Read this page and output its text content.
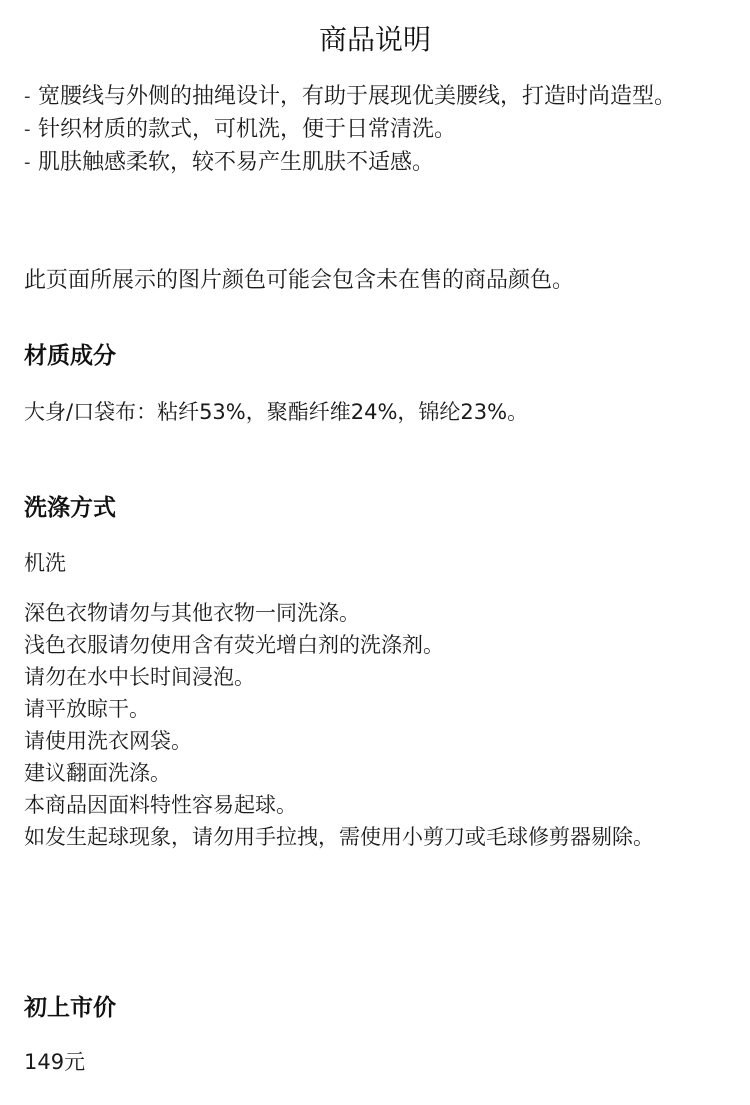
商品说明
- 宽腰线与外侧的抽绳设计，有助于展现优美腰线，打造时尚造型。
- 针织材质的款式，可机洗，便于日常清洗。
- 肌肤触感柔软，较不易产生肌肤不适感。
此页面所展示的图片颜色可能会包含未在售的商品颜色。
材质成分
大身/口袋布：粘纤53%，聚酯纤维24%，锦纶23%。
洗涤方式
机洗
深色衣物请勿与其他衣物一同洗涤。
浅色衣服请勿使用含有荧光增白剂的洗涤剂。
请勿在水中长时间浸泡。
请平放晾干。
请使用洗衣网袋。
建议翻面洗涤。
本商品因面料特性容易起球。
如发生起球现象，请勿用手拉拽，需使用小剪刀或毛球修剪器剔除。
初上市价
149元
